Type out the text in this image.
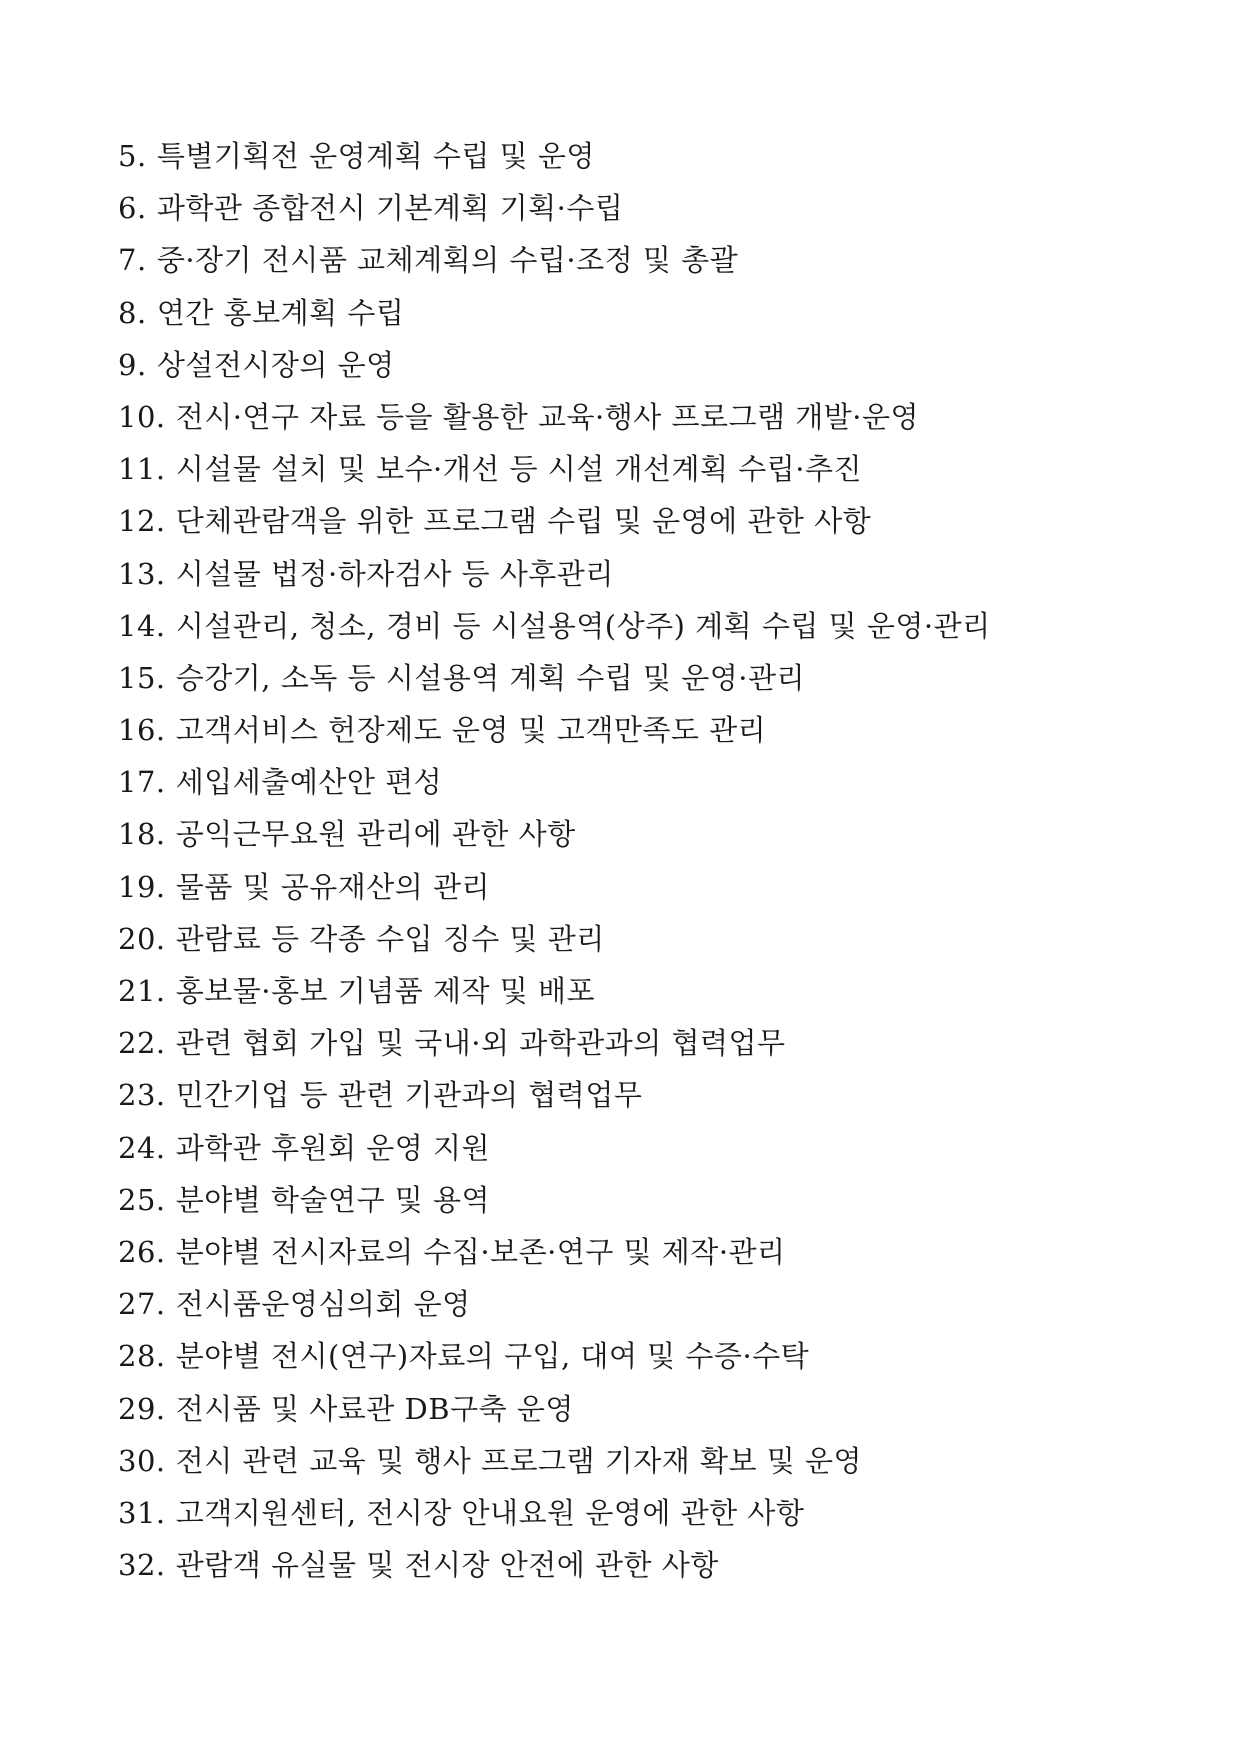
5. 특별기획전 운영계획 수립 및 운영
6. 과학관 종합전시 기본계획 기획·수립
7. 중·장기 전시품 교체계획의 수립·조정 및 총괄
8. 연간 홍보계획 수립
9. 상설전시장의 운영
10. 전시·연구 자료 등을 활용한 교육·행사 프로그램 개발·운영
11. 시설물 설치 및 보수·개선 등 시설 개선계획 수립·추진
12. 단체관람객을 위한 프로그램 수립 및 운영에 관한 사항
13. 시설물 법정·하자검사 등 사후관리
14. 시설관리, 청소, 경비 등 시설용역(상주) 계획 수립 및 운영·관리
15. 승강기, 소독 등 시설용역 계획 수립 및 운영·관리
16. 고객서비스 헌장제도 운영 및 고객만족도 관리
17. 세입세출예산안 편성
18. 공익근무요원 관리에 관한 사항
19. 물품 및 공유재산의 관리
20. 관람료 등 각종 수입 징수 및 관리
21. 홍보물·홍보 기념품 제작 및 배포
22. 관련 협회 가입 및 국내·외 과학관과의 협력업무
23. 민간기업 등 관련 기관과의 협력업무
24. 과학관 후원회 운영 지원
25. 분야별 학술연구 및 용역
26. 분야별 전시자료의 수집·보존·연구 및 제작·관리
27. 전시품운영심의회 운영
28. 분야별 전시(연구)자료의 구입, 대여 및 수증·수탁
29. 전시품 및 사료관 DB구축 운영
30. 전시 관련 교육 및 행사 프로그램 기자재 확보 및 운영
31. 고객지원센터, 전시장 안내요원 운영에 관한 사항
32. 관람객 유실물 및 전시장 안전에 관한 사항
